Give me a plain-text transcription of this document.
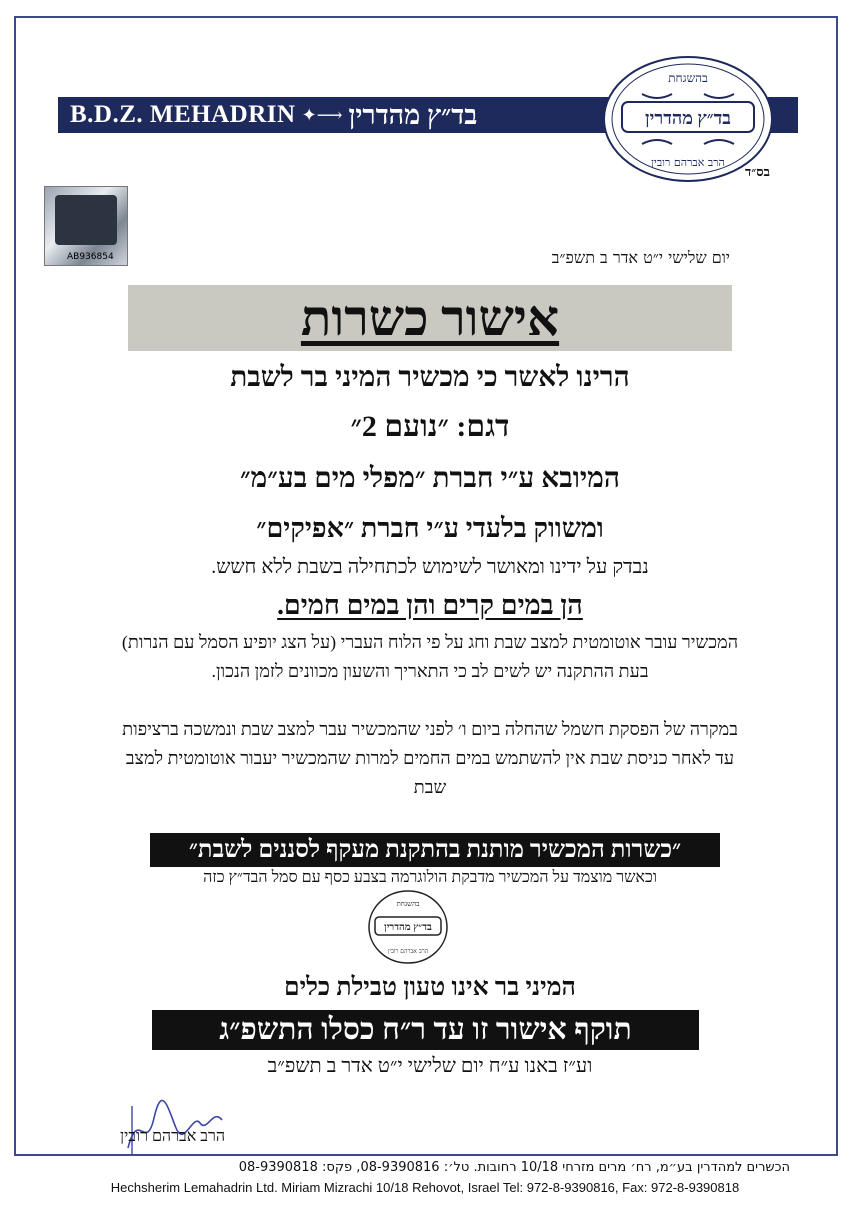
B.D.Z. MEHADRIN ✦⟶ בד״ץ מהדרין
בהשגחת
בד״ץ מהדרין
הרב אברהם רובין
בס״ד
AB936854	יום שלישי י״ט אדר ב תשפ״ב
אישור כשרות
הרינו לאשר כי מכשיר המיני בר לשבת
דגם: ״נועם 2״
המיובא ע״י חברת ״מפלי מים בע״מ״
ומשווק בלעדי ע״י חברת ״אפיקים״
נבדק על ידינו ומאושר לשימוש לכתחילה בשבת ללא חשש.
הן במים קרים והן במים חמים.
המכשיר עובר אוטומטית למצב שבת וחג על פי הלוח העברי (על הצג יופיע הסמל עם הנרות) בעת ההתקנה יש לשים לב כי התאריך והשעון מכוונים לזמן הנכון.
במקרה של הפסקת חשמל שהחלה ביום ו׳ לפני שהמכשיר עבר למצב שבת ונמשכה ברציפות עד לאחר כניסת שבת אין להשתמש במים החמים למרות שהמכשיר יעבור אוטומטית למצב שבת
״כשרות המכשיר מותנת בהתקנת מעקף לסננים לשבת״
וכאשר מוצמד על המכשיר מדבקת הולוגרמה בצבע כסף עם סמל הבד״ץ כזה
בהשגחת
בד״ץ מהדרין
הרב אברהם רובין
המיני בר אינו טעון טבילת כלים
תוקף אישור זו עד ר״ח כסלו התשפ״ג
וע״ז באנו ע״ח יום שלישי י״ט אדר ב תשפ״ב
הרב אברהם רובין
הכשרים למהדרין בע״מ, רח׳ מרים מזרחי 10/18 רחובות. טל׳: 08-9390816, פקס: 08-9390818
Hechsherim Lemahadrin Ltd. Miriam Mizrachi 10/18 Rehovot, Israel Tel: 972-8-9390816, Fax: 972-8-9390818
